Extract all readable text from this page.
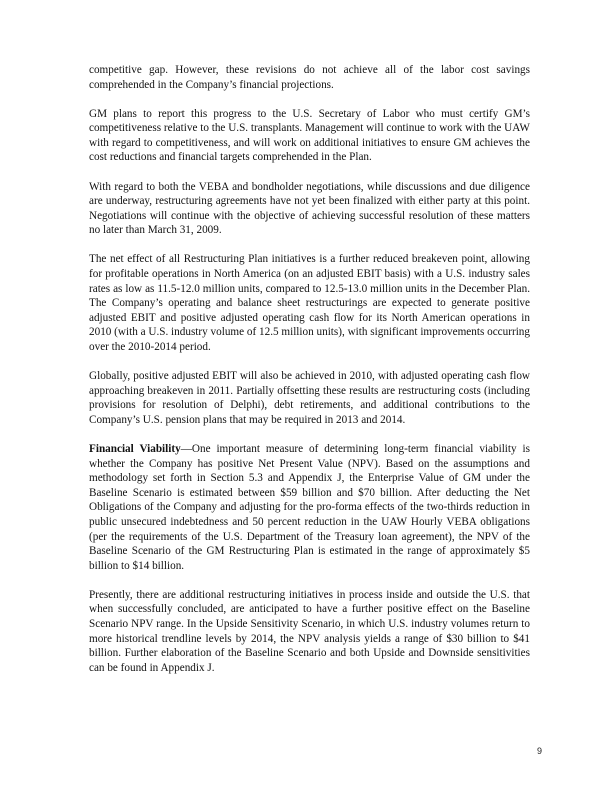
competitive gap. However, these revisions do not achieve all of the labor cost savings comprehended in the Company’s financial projections.

GM plans to report this progress to the U.S. Secretary of Labor who must certify GM’s competitiveness relative to the U.S. transplants. Management will continue to work with the UAW with regard to competitiveness, and will work on additional initiatives to ensure GM achieves the cost reductions and financial targets comprehended in the Plan.

With regard to both the VEBA and bondholder negotiations, while discussions and due diligence are underway, restructuring agreements have not yet been finalized with either party at this point. Negotiations will continue with the objective of achieving successful resolution of these matters no later than March 31, 2009.

The net effect of all Restructuring Plan initiatives is a further reduced breakeven point, allowing for profitable operations in North America (on an adjusted EBIT basis) with a U.S. industry sales rates as low as 11.5-12.0 million units, compared to 12.5-13.0 million units in the December Plan. The Company’s operating and balance sheet restructurings are expected to generate positive adjusted EBIT and positive adjusted operating cash flow for its North American operations in 2010 (with a U.S. industry volume of 12.5 million units), with significant improvements occurring over the 2010-2014 period.

Globally, positive adjusted EBIT will also be achieved in 2010, with adjusted operating cash flow approaching breakeven in 2011. Partially offsetting these results are restructuring costs (including provisions for resolution of Delphi), debt retirements, and additional contributions to the Company’s U.S. pension plans that may be required in 2013 and 2014.

Financial Viability—One important measure of determining long-term financial viability is whether the Company has positive Net Present Value (NPV). Based on the assumptions and methodology set forth in Section 5.3 and Appendix J, the Enterprise Value of GM under the Baseline Scenario is estimated between $59 billion and $70 billion. After deducting the Net Obligations of the Company and adjusting for the pro-forma effects of the two-thirds reduction in public unsecured indebtedness and 50 percent reduction in the UAW Hourly VEBA obligations (per the requirements of the U.S. Department of the Treasury loan agreement), the NPV of the Baseline Scenario of the GM Restructuring Plan is estimated in the range of approximately $5 billion to $14 billion.

Presently, there are additional restructuring initiatives in process inside and outside the U.S. that when successfully concluded, are anticipated to have a further positive effect on the Baseline Scenario NPV range. In the Upside Sensitivity Scenario, in which U.S. industry volumes return to more historical trendline levels by 2014, the NPV analysis yields a range of $30 billion to $41 billion. Further elaboration of the Baseline Scenario and both Upside and Downside sensitivities can be found in Appendix J.

9
